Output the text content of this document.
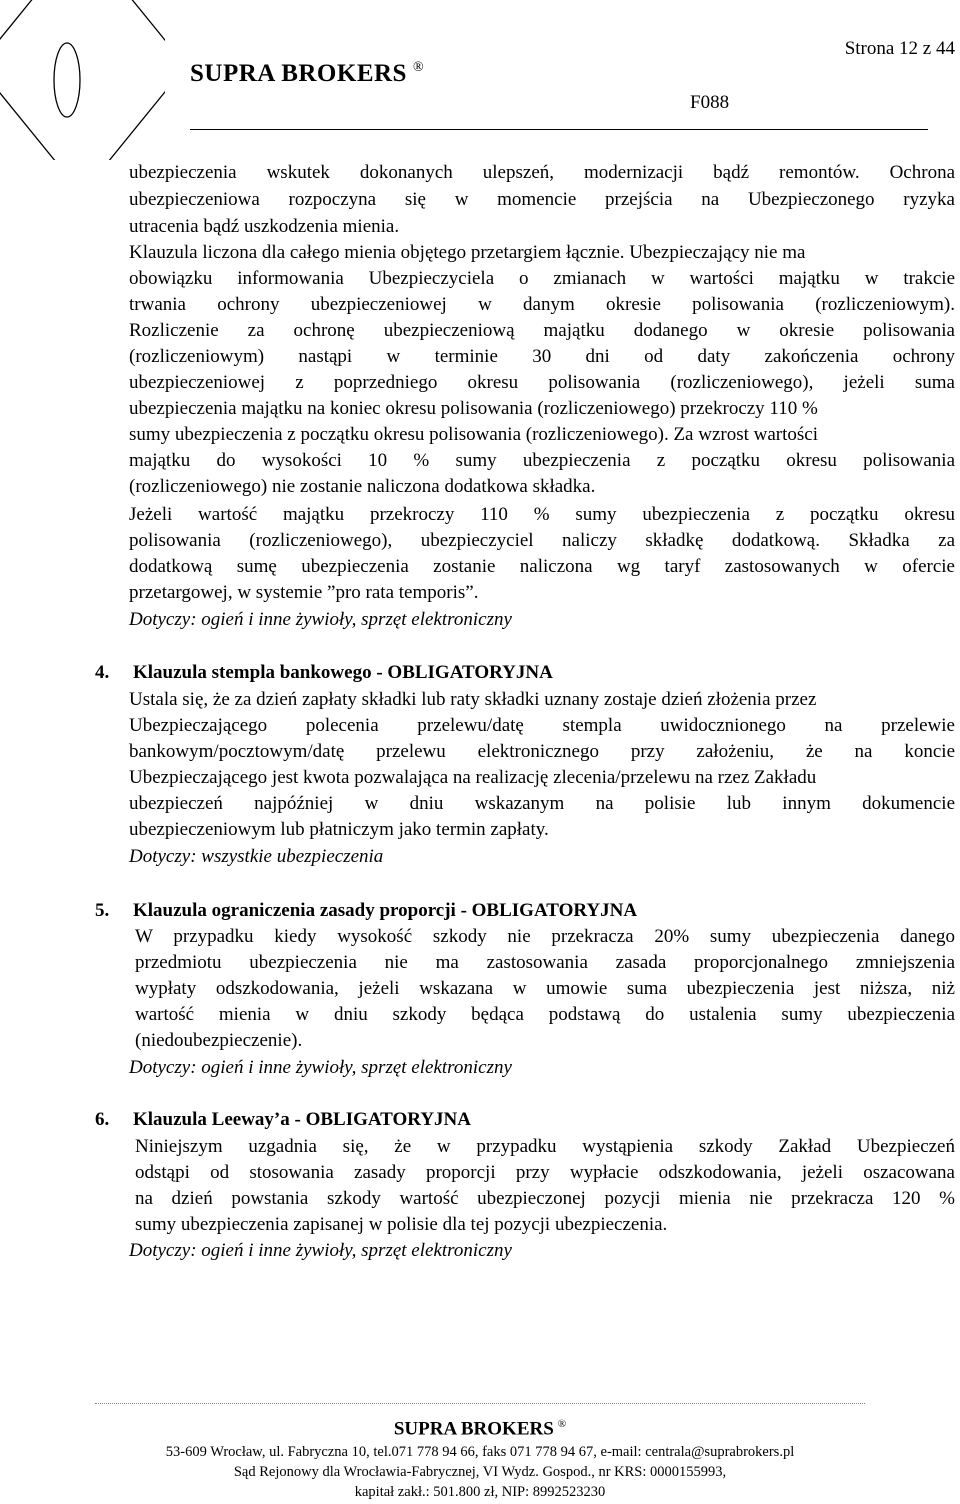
SUPRA BROKERS ®
Strona 12 z 44
F088
ubezpieczenia wskutek dokonanych ulepszeń, modernizacji bądź remontów. Ochrona
ubezpieczeniowa rozpoczyna się w momencie przejścia na Ubezpieczonego ryzyka
utracenia bądź uszkodzenia mienia.
Klauzula liczona dla całego mienia objętego przetargiem łącznie. Ubezpieczający nie ma
obowiązku informowania Ubezpieczyciela o zmianach w wartości majątku w trakcie
trwania ochrony ubezpieczeniowej w danym okresie polisowania (rozliczeniowym).
Rozliczenie za ochronę ubezpieczeniową majątku dodanego w okresie polisowania
(rozliczeniowym) nastąpi w terminie 30 dni od daty zakończenia ochrony
ubezpieczeniowej z poprzedniego okresu polisowania (rozliczeniowego), jeżeli suma
ubezpieczenia majątku na koniec okresu polisowania (rozliczeniowego) przekroczy 110 %
sumy ubezpieczenia z początku okresu polisowania (rozliczeniowego). Za wzrost wartości
majątku do wysokości 10 % sumy ubezpieczenia z początku okresu polisowania
(rozliczeniowego) nie zostanie naliczona dodatkowa składka.
Jeżeli wartość majątku przekroczy 110 % sumy ubezpieczenia z początku okresu
polisowania (rozliczeniowego), ubezpieczyciel naliczy składkę dodatkową. Składka za
dodatkową sumę ubezpieczenia zostanie naliczona wg taryf zastosowanych w ofercie
przetargowej, w systemie ”pro rata temporis”.
Dotyczy: ogień i inne żywioły, sprzęt elektroniczny
4. Klauzula stempla bankowego - OBLIGATORYJNA
Ustala się, że za dzień zapłaty składki lub raty składki uznany zostaje dzień złożenia przez
Ubezpieczającego polecenia przelewu/datę stempla uwidocznionego na przelewie
bankowym/pocztowym/datę przelewu elektronicznego przy założeniu, że na koncie
Ubezpieczającego jest kwota pozwalająca na realizację zlecenia/przelewu na rzez Zakładu
ubezpieczeń najpóźniej w dniu wskazanym na polisie lub innym dokumencie
ubezpieczeniowym lub płatniczym jako termin zapłaty.
Dotyczy: wszystkie ubezpieczenia
5. Klauzula ograniczenia zasady proporcji - OBLIGATORYJNA
W przypadku kiedy wysokość szkody nie przekracza 20% sumy ubezpieczenia danego
przedmiotu ubezpieczenia nie ma zastosowania zasada proporcjonalnego zmniejszenia
wypłaty odszkodowania, jeżeli wskazana w umowie suma ubezpieczenia jest niższa, niż
wartość mienia w dniu szkody będąca podstawą do ustalenia sumy ubezpieczenia
(niedoubezpieczenie).
Dotyczy: ogień i inne żywioły, sprzęt elektroniczny
6. Klauzula Leeway’a - OBLIGATORYJNA
Niniejszym uzgadnia się, że w przypadku wystąpienia szkody Zakład Ubezpieczeń
odstąpi od stosowania zasady proporcji przy wypłacie odszkodowania, jeżeli oszacowana
na dzień powstania szkody wartość ubezpieczonej pozycji mienia nie przekracza 120 %
sumy ubezpieczenia zapisanej w polisie dla tej pozycji ubezpieczenia.
Dotyczy: ogień i inne żywioły, sprzęt elektroniczny
SUPRA BROKERS ®
53-609 Wrocław, ul. Fabryczna 10, tel.071 778 94 66, faks 071 778 94 67, e-mail: centrala@suprabrokers.pl
Sąd Rejonowy dla Wrocławia-Fabrycznej, VI Wydz. Gospod., nr KRS: 0000155993,
kapitał zakł.: 501.800 zł, NIP: 8992523230
